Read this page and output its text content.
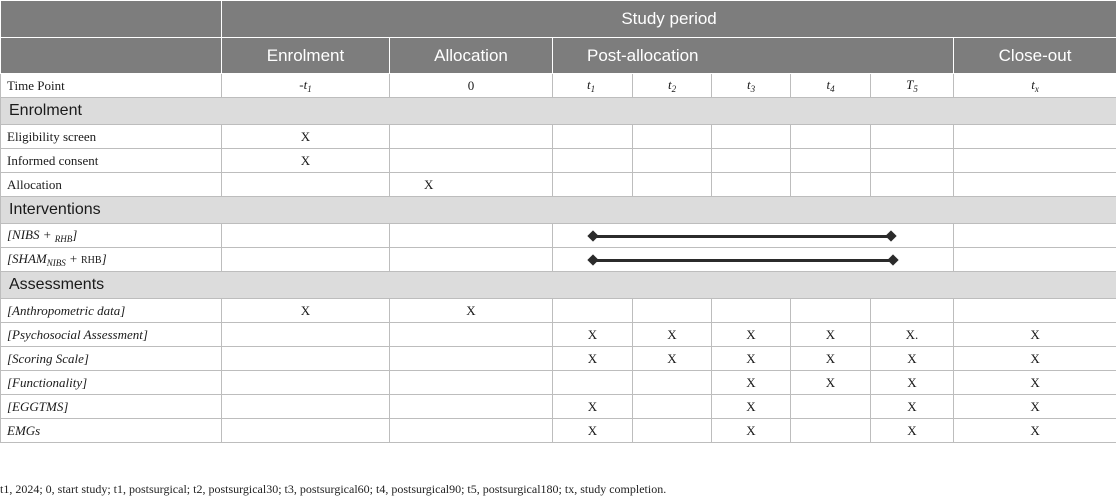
	Study period							
	Enrolment	Allocation	Post-allocation					Close-out
Time Point	$-t_1$	0	$t_1$	$t_2$	$t_3$	$t_4$	$T_5$	$t_x$
Enrolment								
Eligibility screen	X							
Informed consent	X							
Allocation		X						
Interventions								
[NIBS + $_{RHB}$]							

$[SHAM_{NIBS} + RHB]$							

Assessments								
[Anthropometric data]	X	X						
[Psychosocial Assessment]			X	X	X	X	X.	X
[Scoring Scale]			X	X	X	X	X	X
[Functionality]					X	X	X	X
[EGGTMS]			X		X		X	X
EMGs			X		X		X	X
t1, 2024; 0, start study; t1, postsurgical; t2, postsurgical30; t3, postsurgical60; t4, postsurgical90; t5, postsurgical180; tx, study completion.
